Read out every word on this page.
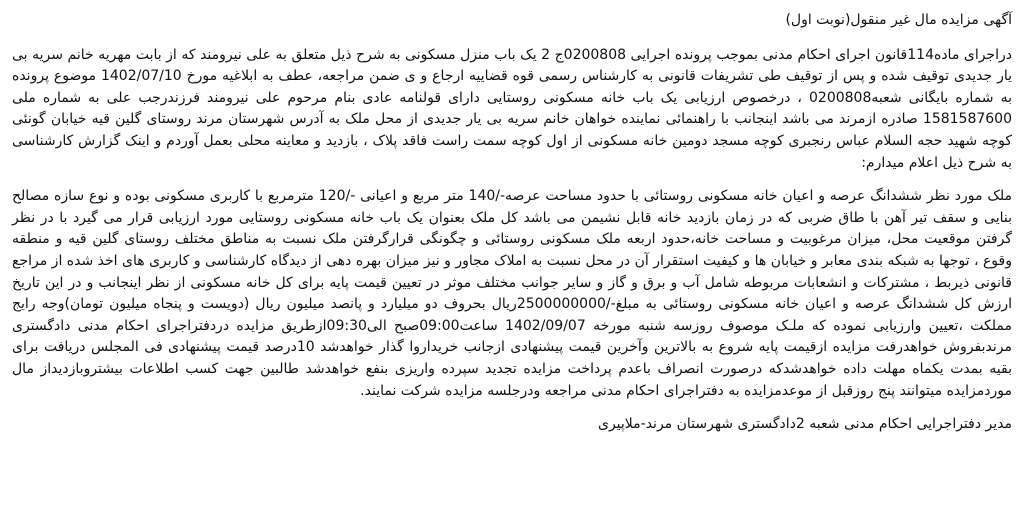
آگهی مزایده مال غیر منقول(نوبت اول)

دراجرای ماده114قانون اجرای احکام مدنی بموجب پرونده اجرایی 0200808ج 2 یک باب منزل مسکونی به شرح ذیل متعلق به علی نیرومند که از بابت مهریه خانم سریه بی یار جدیدی توقیف شده و پس از توقیف طی تشریفات قانونی به کارشناس رسمی قوه قضاییه ارجاع و ی ضمن مراجعه، عطف به ابلاغیه مورخ 1402/07/10 موضوع پرونده به شماره بایگانی شعبه0200808 ، درخصوص ارزیابی یک باب خانه مسکونی روستایی دارای قولنامه عادی بنام مرحوم علی نیرومند فرزندرجب علی به شماره ملی 1581587600 صادره ازمرند می باشد اینجانب با راهنمائی نماینده خواهان خانم سریه بی یار جدیدی از محل ملک به آدرس شهرستان مرند روستای گلین قیه خیابان گونئی کوچه شهید حجه السلام عباس رنجبری کوچه مسجد دومین خانه مسکونی از اول کوچه سمت راست فاقد پلاک ، بازدید و معاینه محلی بعمل آوردم و اینک گزارش کارشناسی به شرح ذیل اعلام میدارم:

ملک مورد نظر ششدانگ عرصه و اعیان خانه مسکونی روستائی با حدود مساحت عرصه-/140 متر مربع و اعیانی -/120 مترمربع با کاربری مسکونی بوده و نوع سازه مصالح بنایی و سقف تیر آهن با طاق ضربی که در زمان بازدید خانه قابل نشیمن می باشد کل ملک بعنوان یک باب خانه مسکونی روستایی مورد ارزیابی قرار می گیرد با در نظر گرفتن موقعیت محل، میزان مرغوبیت و مساحت خانه،حدود اربعه ملک مسکونی روستائی و چگونگی قرارگرفتن ملک نسبت به مناطق مختلف روستای گلین قیه و منطقه وقوع ، توجها به شبکه بندی معابر و خیابان ها و کیفیت استقرار آن در محل نسبت به املاک مجاور و نیز میزان بهره دهی از دیدگاه کارشناسی و کاربری های اخذ شده از مراجع قانونی ذیربط ، مشترکات و انشعابات مربوطه شامل آب و برق و گاز و سایر جوانب مختلف موثر در تعیین قیمت پایه برای کل خانه مسکونی از نظر اینجانب و در این تاریخ ارزش کل ششدانگ عرصه و اعیان خانه مسکونی روستائی به مبلغ-/2500000000ریال بحروف دو میلیارد و پانصد میلیون ریال (دویست و پنجاه میلیون تومان)وجه رایج مملکت ،تعیین وارزیابی نموده که ملـک موصوف روزسه شنبه مورخه 1402/09/07 ساعت09:00صبح الی09:30ازطریق مزایده دردفتراجرای احکام مدنی دادگستری مرندبفروش خواهدرفت مزایده ازقیمت پایه شروع به بالاترین وآخرین قیمت پیشنهادی ازجانب خریداروا گذار خواهدشد 10درصد قیمت پیشنهادی فی المجلس دریافت برای بقیه بمدت یکماه مهلت داده خواهدشدکه درصورت انصراف باعدم پرداخت مزایده تجدید سپرده واریزی بنفع خواهدشد طالبین جهت کسب اطلاعات بیشتروبازدیداز مال موردمزایده میتوانند پنج روزقبل از موعدمزایده به دفتراجرای احکام مدنی مراجعه ودرجلسه مزایده شرکت نمایند.

مدیر دفتراجرایی احکام مدنی شعبه 2دادگستری شهرستان مرند-ملاپیری
